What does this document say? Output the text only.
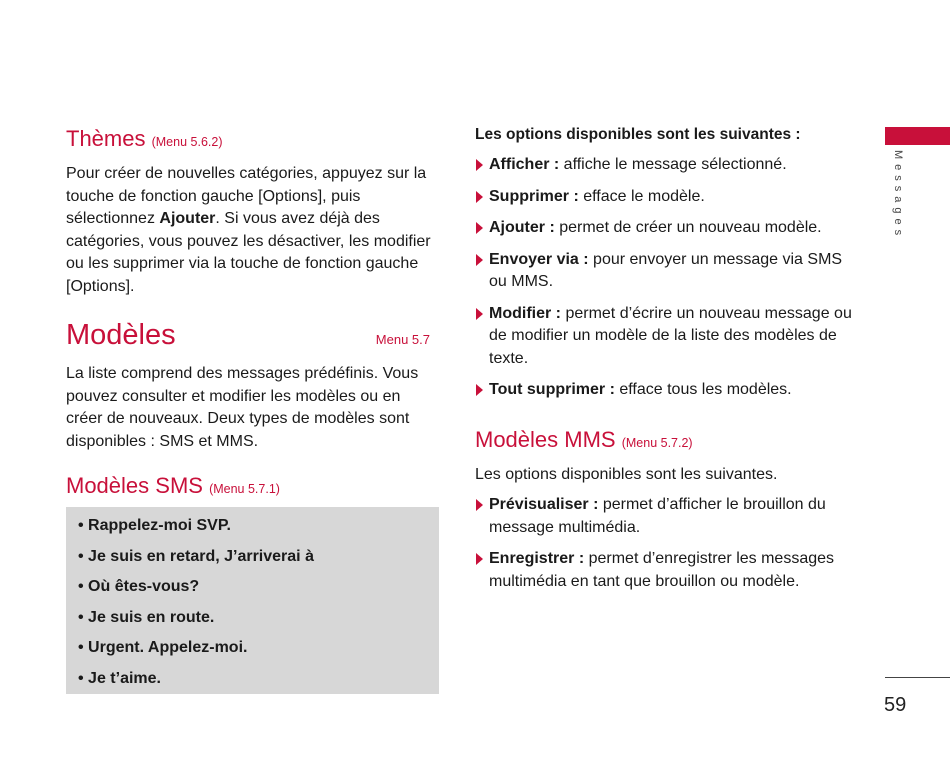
Messages
59
Thèmes (Menu 5.6.2)

Pour créer de nouvelles catégories, appuyez sur la touche de fonction gauche [Options], puis sélectionnez Ajouter. Si vous avez déjà des catégories, vous pouvez les désactiver, les modifier ou les supprimer via la touche de fonction gauche [Options].

Modèles	Menu 5.7

La liste comprend des messages prédéfinis. Vous pouvez consulter et modifier les modèles ou en créer de nouveaux. Deux types de modèles sont disponibles : SMS et MMS.

Modèles SMS (Menu 5.7.1)
• Rappelez-moi SVP.
• Je suis en retard, J’arriverai à
• Où êtes-vous?
• Je suis en route.
• Urgent. Appelez-moi.
• Je t’aime.
Les options disponibles sont les suivantes :
Afficher : affiche le message sélectionné.
Supprimer : efface le modèle.
Ajouter : permet de créer un nouveau modèle.
Envoyer via : pour envoyer un message via SMS ou MMS.
Modifier : permet d’écrire un nouveau message ou de modifier un modèle de la liste des modèles de texte.
Tout supprimer : efface tous les modèles.
Modèles MMS (Menu 5.7.2)

Les options disponibles sont les suivantes.

Prévisualiser : permet d’afficher le brouillon du message multimédia.
Enregistrer : permet d’enregistrer les messages multimédia en tant que brouillon ou modèle.
